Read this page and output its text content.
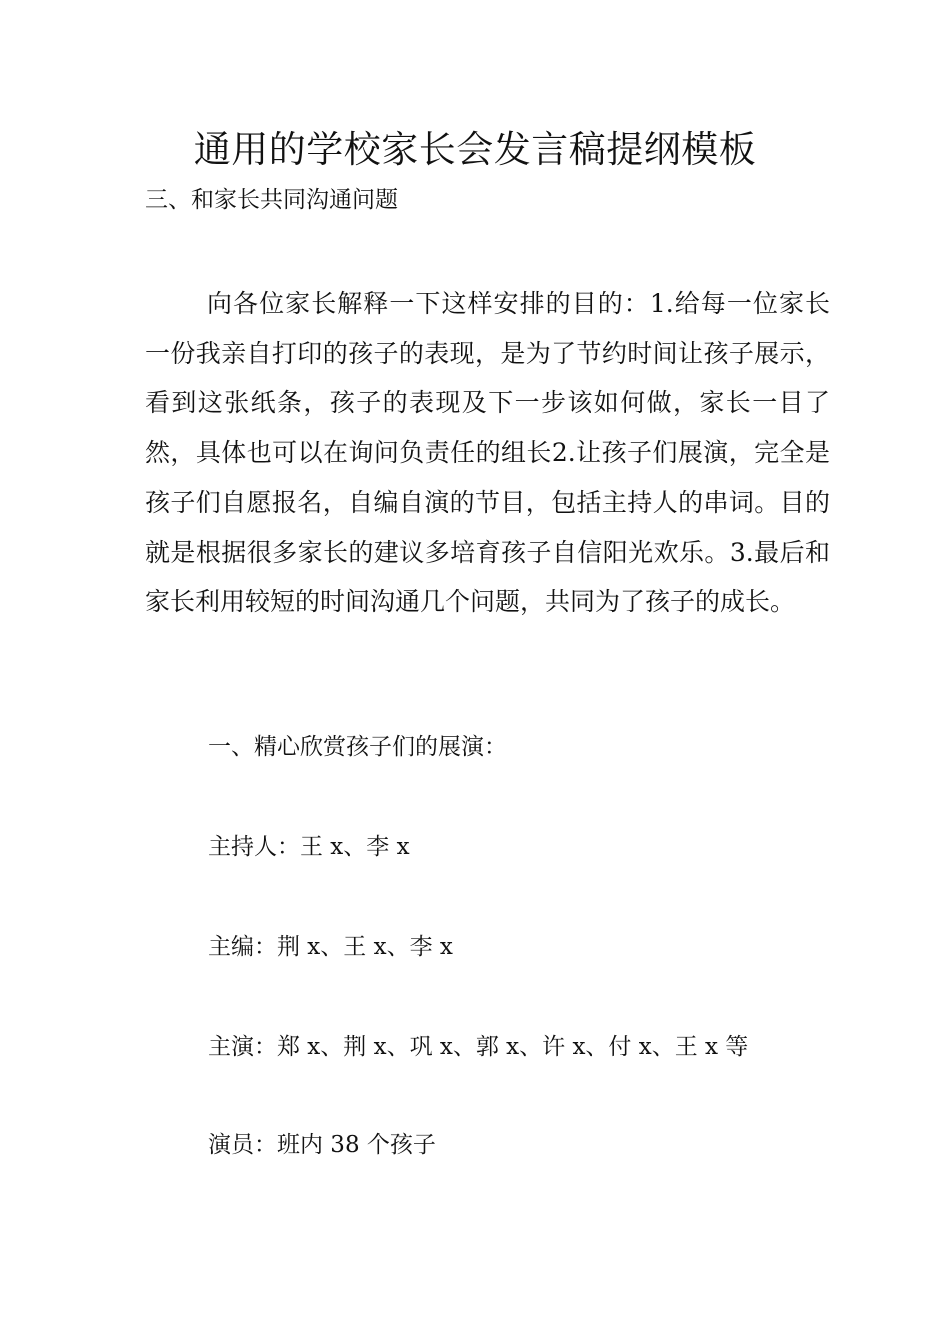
通用的学校家长会发言稿提纲模板

三、和家长共同沟通问题

向各位家长解释一下这样安排的目的：1.给每一位家长一份我亲自打印的孩子的表现，是为了节约时间让孩子展示，看到这张纸条，孩子的表现及下一步该如何做，家长一目了然，具体也可以在询问负责任的组长2.让孩子们展演，完全是孩子们自愿报名，自编自演的节目，包括主持人的串词。目的就是根据很多家长的建议多培育孩子自信阳光欢乐。3.最后和家长利用较短的时间沟通几个问题，共同为了孩子的成长。

一、精心欣赏孩子们的展演：

主持人：王 x、李 x

主编：荆 x、王 x、李 x

主演：郑 x、荆 x、巩 x、郭 x、许 x、付 x、王 x 等

演员：班内 38 个孩子
